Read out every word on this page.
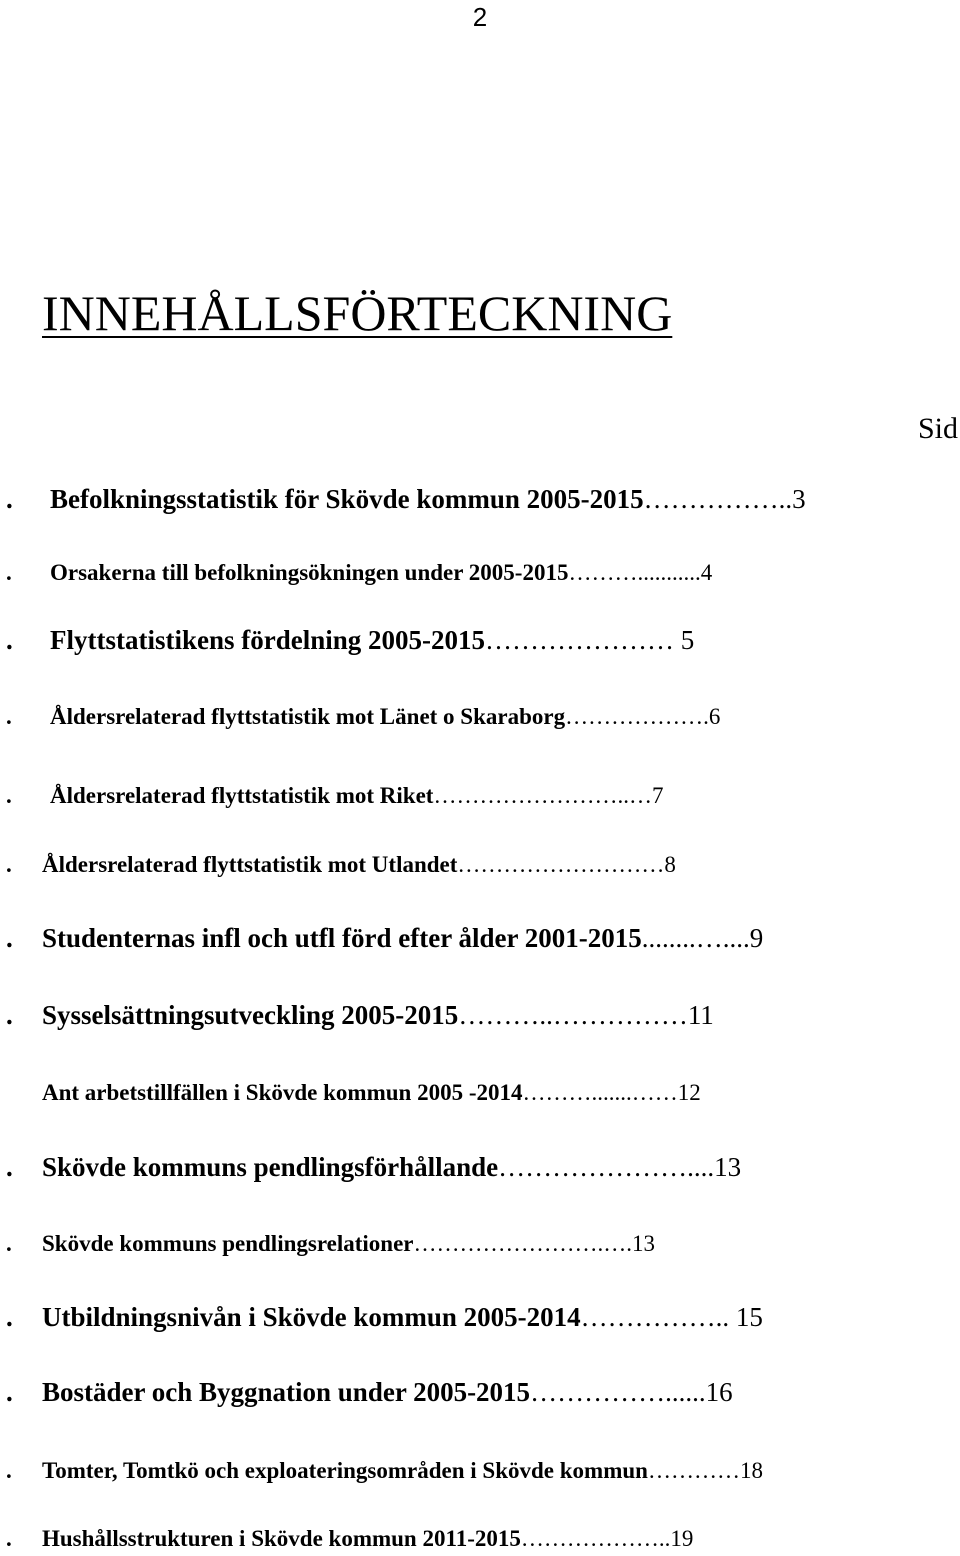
2
INNEHÅLLSFÖRTECKNING
Sid
. Befolkningsstatistik för Skövde kommun 2005-2015……………..3
. Orsakerna till befolkningsökningen under 2005-2015………...........4
. Flyttstatistikens fördelning 2005-2015………………… 5
. Åldersrelaterad flyttstatistik mot Länet o Skaraborg……………….6
. Åldersrelaterad flyttstatistik mot Riket……………………..…7
. Åldersrelaterad flyttstatistik mot Utlandet………………………8
. Studenternas infl och utfl förd efter ålder 2001-2015........…....9
. Sysselsättningsutveckling 2005-2015………..……………11
Ant arbetstillfällen i Skövde kommun 2005 -2014……….......……12
. Skövde kommuns pendlingsförhållande…………………....13
. Skövde kommuns pendlingsrelationer…………………….….13
. Utbildningsnivån i Skövde kommun 2005-2014…………….. 15
. Bostäder och Byggnation under 2005-2015……………......16
. Tomter, Tomtkö och exploateringsområden i Skövde kommun…………18
. Hushållsstrukturen i Skövde kommun 2011-2015………………..19
